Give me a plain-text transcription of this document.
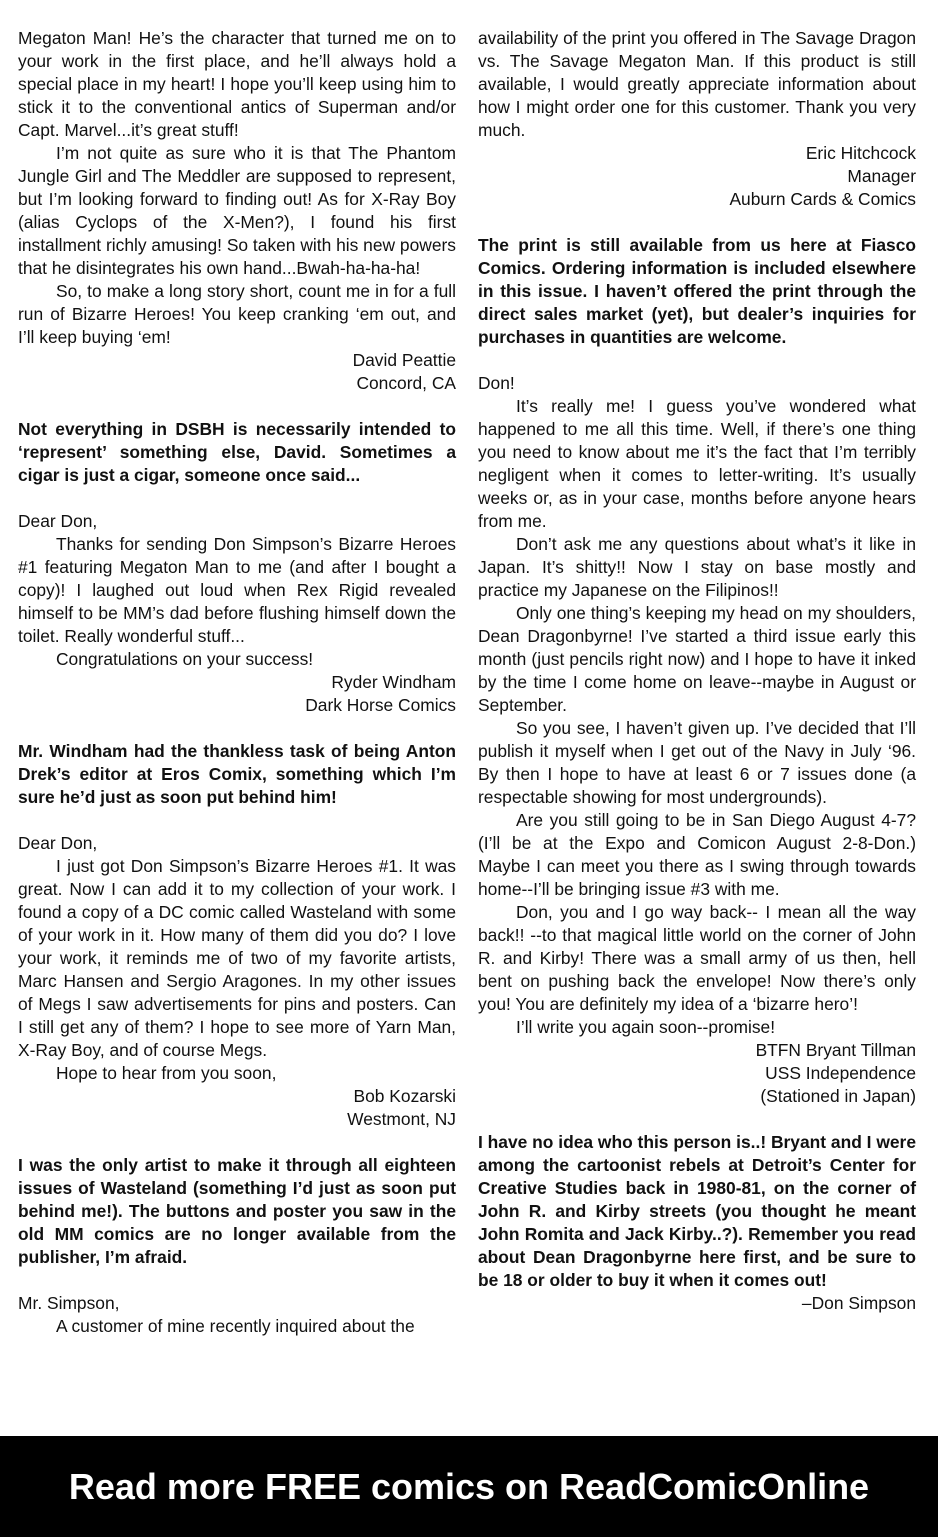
Megaton Man! He’s the character that turned me on to your work in the first place, and he’ll always hold a special place in my heart! I hope you’ll keep using him to stick it to the conventional antics of Superman and/or Capt. Marvel...it’s great stuff!

I’m not quite as sure who it is that The Phantom Jungle Girl and The Meddler are supposed to represent, but I’m looking forward to finding out! As for X-Ray Boy (alias Cyclops of the X-Men?), I found his first installment richly amusing! So taken with his new powers that he disintegrates his own hand...Bwah-ha-ha-ha!

So, to make a long story short, count me in for a full run of Bizarre Heroes! You keep cranking ‘em out, and I’ll keep buying ‘em!

David Peattie

Concord, CA

Not everything in DSBH is necessarily intended to ‘represent’ something else, David. Sometimes a cigar is just a cigar, someone once said...

Dear Don,

Thanks for sending Don Simpson’s Bizarre Heroes #1 featuring Megaton Man to me (and after I bought a copy)! I laughed out loud when Rex Rigid revealed himself to be MM’s dad before flushing himself down the toilet. Really wonderful stuff...

Congratulations on your success!

Ryder Windham

Dark Horse Comics

Mr. Windham had the thankless task of being Anton Drek’s editor at Eros Comix, something which I’m sure he’d just as soon put behind him!

Dear Don,

I just got Don Simpson’s Bizarre Heroes #1. It was great. Now I can add it to my collection of your work. I found a copy of a DC comic called Wasteland with some of your work in it. How many of them did you do? I love your work, it reminds me of two of my favorite artists, Marc Hansen and Sergio Aragones. In my other issues of Megs I saw advertisements for pins and posters. Can I still get any of them? I hope to see more of Yarn Man, X-Ray Boy, and of course Megs.

Hope to hear from you soon,

Bob Kozarski

Westmont, NJ

I was the only artist to make it through all eighteen issues of Wasteland (something I’d just as soon put behind me!). The buttons and poster you saw in the old MM comics are no longer available from the publisher, I’m afraid.

Mr. Simpson,

A customer of mine recently inquired about the

availability of the print you offered in The Savage Dragon vs. The Savage Megaton Man. If this product is still available, I would greatly appreciate information about how I might order one for this customer. Thank you very much.

Eric Hitchcock

Manager

Auburn Cards & Comics

The print is still available from us here at Fiasco Comics. Ordering information is included elsewhere in this issue. I haven’t offered the print through the direct sales market (yet), but dealer’s inquiries for purchases in quantities are welcome.

Don!

It’s really me! I guess you’ve wondered what happened to me all this time. Well, if there’s one thing you need to know about me it’s the fact that I’m terribly negligent when it comes to letter-writing. It’s usually weeks or, as in your case, months before anyone hears from me.

Don’t ask me any questions about what’s it like in Japan. It’s shitty!! Now I stay on base mostly and practice my Japanese on the Filipinos!!

Only one thing’s keeping my head on my shoulders, Dean Dragonbyrne! I’ve started a third issue early this month (just pencils right now) and I hope to have it inked by the time I come home on leave--maybe in August or September.

So you see, I haven’t given up. I’ve decided that I’ll publish it myself when I get out of the Navy in July ‘96. By then I hope to have at least 6 or 7 issues done (a respectable showing for most undergrounds).

Are you still going to be in San Diego August 4-7? (I’ll be at the Expo and Comicon August 2-8-Don.) Maybe I can meet you there as I swing through towards home--I’ll be bringing issue #3 with me.

Don, you and I go way back-- I mean all the way back!! --to that magical little world on the corner of John R. and Kirby! There was a small army of us then, hell bent on pushing back the envelope! Now there’s only you! You are definitely my idea of a ‘bizarre hero’!

I’ll write you again soon--promise!

BTFN Bryant Tillman

USS Independence

(Stationed in Japan)

I have no idea who this person is..! Bryant and I were among the cartoonist rebels at Detroit’s Center for Creative Studies back in 1980-81, on the corner of John R. and Kirby streets (you thought he meant John Romita and Jack Kirby..?). Remember you read about Dean Dragonbyrne here first, and be sure to be 18 or older to buy it when it comes out!

–Don Simpson

Read more FREE comics on ReadComicOnline
